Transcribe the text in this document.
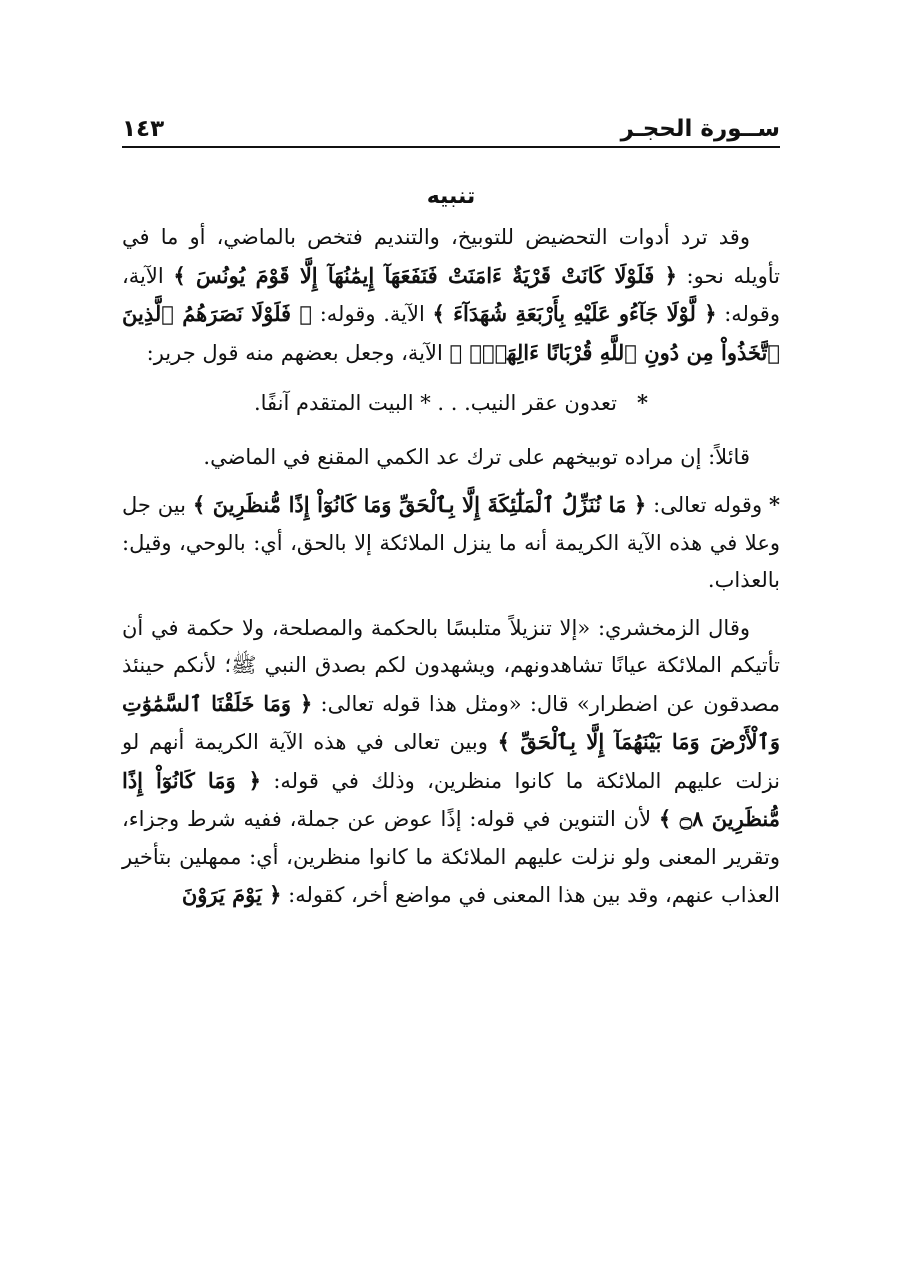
ســورة الحجـر
١٤٣
تنبيه

وقد ترد أدوات التحضيض للتوبيخ، والتنديم فتخص بالماضي، أو ما في تأويله نحو: ﴿ فَلَوْلَا كَانَتْ قَرْيَةٌ ءَامَنَتْ فَنَفَعَهَآ إِيمَٰنُهَآ إِلَّا قَوْمَ يُونُسَ ﴾ الآية، وقوله: ﴿ لَّوْلَا جَآءُو عَلَيْهِ بِأَرْبَعَةِ شُهَدَآءَ ﴾ الآية. وقوله: ﴿ فَلَوْلَا نَصَرَهُمُ ٱلَّذِينَ ٱتَّخَذُواْ مِن دُونِ ٱللَّهِ قُرْبَانًا ءَالِهَةًۢ ﴾ الآية، وجعل بعضهم منه قول جرير:

*   تعدون عقر النيب. . . * البيت المتقدم آنفًا.

قائلاً: إن مراده توبيخهم على ترك عد الكمي المقنع في الماضي.

* وقوله تعالى: ﴿ مَا نُنَزِّلُ ٱلْمَلَٰٓئِكَةَ إِلَّا بِٱلْحَقِّ وَمَا كَانُوٓاْ إِذًا مُّنظَرِينَ ﴾ بين جل وعلا في هذه الآية الكريمة أنه ما ينزل الملائكة إلا بالحق، أي: بالوحي، وقيل: بالعذاب.

وقال الزمخشري: «إلا تنزيلاً متلبسًا بالحكمة والمصلحة، ولا حكمة في أن تأتيكم الملائكة عيانًا تشاهدونهم، ويشهدون لكم بصدق النبي ﷺ؛ لأنكم حينئذ مصدقون عن اضطرار» قال: «ومثل هذا قوله تعالى: ﴿ وَمَا خَلَقْنَا ٱلسَّمَٰوَٰتِ وَٱلْأَرْضَ وَمَا بَيْنَهُمَآ إِلَّا بِٱلْحَقِّ ﴾ وبين تعالى في هذه الآية الكريمة أنهم لو نزلت عليهم الملائكة ما كانوا منظرين، وذلك في قوله: ﴿ وَمَا كَانُوٓاْ إِذًا مُّنظَرِينَ ۝٨ ﴾ لأن التنوين في قوله: إذًا عوض عن جملة، ففيه شرط وجزاء، وتقرير المعنى ولو نزلت عليهم الملائكة ما كانوا منظرين، أي: ممهلين بتأخير العذاب عنهم، وقد بين هذا المعنى في مواضع أخر، كقوله: ﴿ يَوْمَ يَرَوْنَ
